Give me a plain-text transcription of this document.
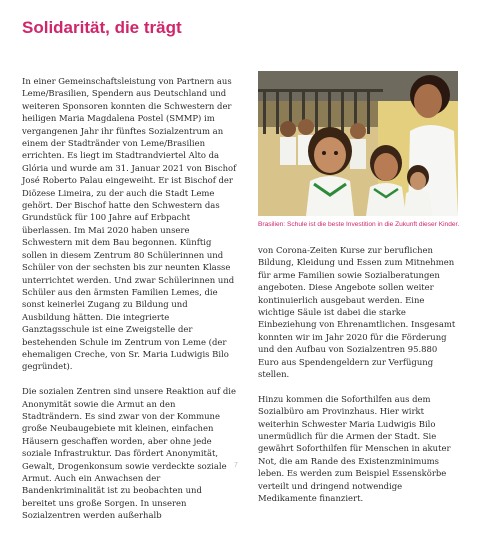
Solidarität, die trägt

In einer Gemeinschaftsleistung von Partnern aus Leme/Brasilien, Spendern aus Deutschland und weiteren Sponsoren konnten die Schwestern der heiligen Maria Magdalena Postel (SMMP) im vergangenen Jahr ihr fünftes Sozialzentrum an einem der Stadtränder von Leme/Brasilien errichten. Es liegt im Stadtrandviertel Alto da Glória und wurde am 31. Januar 2021 von Bischof José Roberto Palau eingeweiht. Er ist Bischof der Diözese Limeira, zu der auch die Stadt Leme gehört. Der Bischof hatte den Schwestern das Grundstück für 100 Jahre auf Erbpacht überlassen. Im Mai 2020 haben unsere Schwestern mit dem Bau begonnen. Künftig sollen in diesem Zentrum 80 Schülerinnen und Schüler von der sechsten bis zur neunten Klasse unterrichtet werden. Und zwar Schülerinnen und Schüler aus den ärmsten Familien Lemes, die sonst keinerlei Zugang zu Bildung und Ausbildung hätten. Die integrierte Ganztagsschule ist eine Zweigstelle der bestehenden Schule im Zentrum von Leme (der ehemaligen Creche, von Sr. Maria Ludwigis Bilo gegründet).

Die sozialen Zentren sind unsere Reaktion auf die Anonymität sowie die Armut an den Stadträndern. Es sind zwar von der Kommune große Neubaugebiete mit kleinen, einfachen Häusern geschaffen worden, aber ohne jede soziale Infrastruktur. Das fördert Anonymität, Gewalt, Drogenkonsum sowie verdeckte soziale Armut. Auch ein Anwachsen der Bandenkriminalität ist zu beobachten und bereitet uns große Sorgen. In unseren Sozialzentren werden außerhalb

Brasilien: Schule ist die beste Investition in die Zukunft dieser Kinder.

von Corona-Zeiten Kurse zur beruflichen Bildung, Kleidung und Essen zum Mitnehmen für arme Familien sowie Sozialberatungen angeboten. Diese Angebote sollen weiter kontinuierlich ausgebaut werden. Eine wichtige Säule ist dabei die starke Einbeziehung von Ehrenamtlichen. Insgesamt konnten wir im Jahr 2020 für die Förderung und den Aufbau von Sozialzentren 95.880 Euro aus Spendengeldern zur Verfügung stellen.

Hinzu kommen die Soforthilfen aus dem Sozialbüro am Provinzhaus. Hier wirkt weiterhin Schwester Maria Ludwigis Bilo unermüdlich für die Armen der Stadt. Sie gewährt Soforthilfen für Menschen in akuter Not, die am Rande des Existenzminimums leben. Es werden zum Beispiel Essenskörbe verteilt und dringend notwendige Medikamente finanziert.

7
